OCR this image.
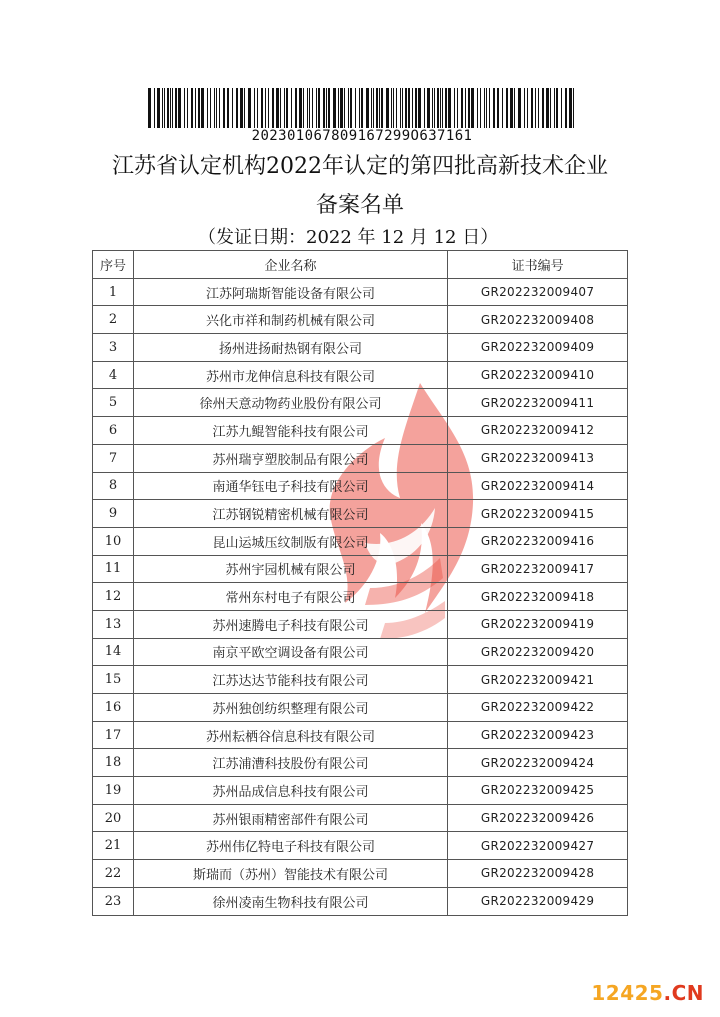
202301067809167299O637161
江苏省认定机构2022年认定的第四批高新技术企业
备案名单
（发证日期：2022 年 12 月 12 日）
序号	企业名称	证书编号
1	江苏阿瑞斯智能设备有限公司	GR202232009407
2	兴化市祥和制药机械有限公司	GR202232009408
3	扬州进扬耐热钢有限公司	GR202232009409
4	苏州市龙伸信息科技有限公司	GR202232009410
5	徐州天意动物药业股份有限公司	GR202232009411
6	江苏九鲲智能科技有限公司	GR202232009412
7	苏州瑞亨塑胶制品有限公司	GR202232009413
8	南通华钰电子科技有限公司	GR202232009414
9	江苏钢锐精密机械有限公司	GR202232009415
10	昆山运城压纹制版有限公司	GR202232009416
11	苏州宇园机械有限公司	GR202232009417
12	常州东村电子有限公司	GR202232009418
13	苏州速腾电子科技有限公司	GR202232009419
14	南京平欧空调设备有限公司	GR202232009420
15	江苏达达节能科技有限公司	GR202232009421
16	苏州独创纺织整理有限公司	GR202232009422
17	苏州耘栖谷信息科技有限公司	GR202232009423
18	江苏浦漕科技股份有限公司	GR202232009424
19	苏州品成信息科技有限公司	GR202232009425
20	苏州银雨精密部件有限公司	GR202232009426
21	苏州伟亿特电子科技有限公司	GR202232009427
22	斯瑞而（苏州）智能技术有限公司	GR202232009428
23	徐州凌南生物科技有限公司	GR202232009429
12425.CN
